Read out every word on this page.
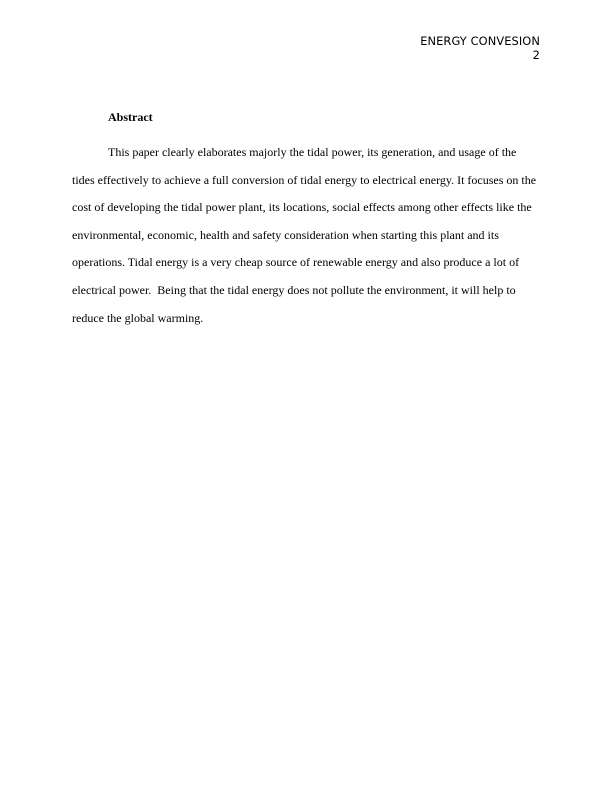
ENERGY CONVESION
2
Abstract
This paper clearly elaborates majorly the tidal power, its generation, and usage of the
tides effectively to achieve a full conversion of tidal energy to electrical energy. It focuses on the
cost of developing the tidal power plant, its locations, social effects among other effects like the
environmental, economic, health and safety consideration when starting this plant and its
operations. Tidal energy is a very cheap source of renewable energy and also produce a lot of
electrical power.  Being that the tidal energy does not pollute the environment, it will help to
reduce the global warming.
